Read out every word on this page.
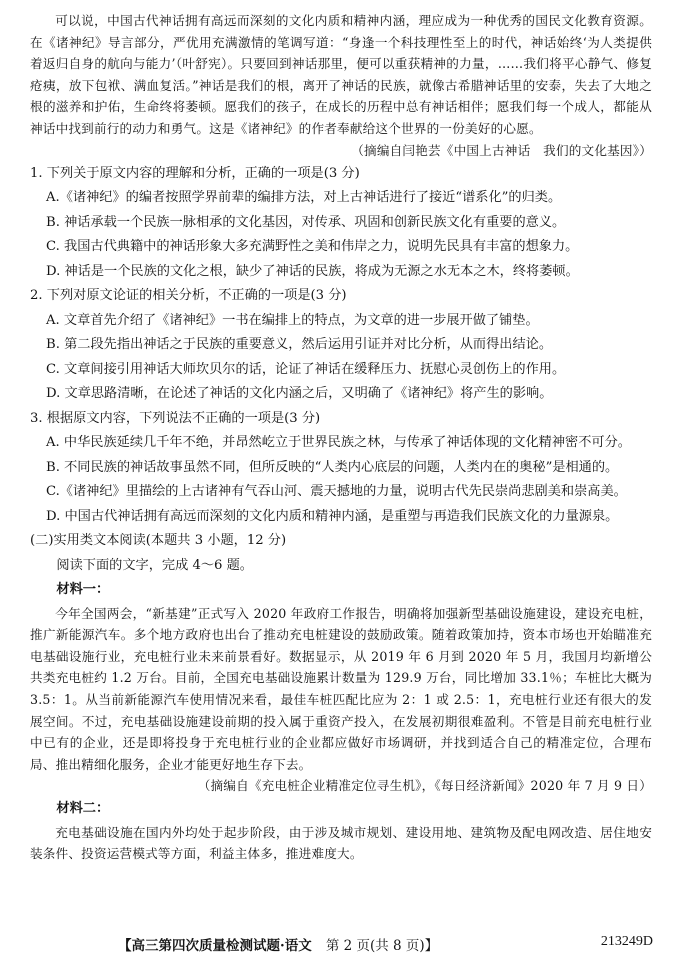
可以说，中国古代神话拥有高远而深刻的文化内质和精神内涵，理应成为一种优秀的国民文化教育资源。在《诸神纪》导言部分，严优用充满激情的笔调写道：“身逢一个科技理性至上的时代，神话始终‘为人类提供着返归自身的航向与能力’（叶舒宪）。只要回到神话那里，便可以重获精神的力量，……我们将平心静气、修复疮痍，放下包袱、满血复活。”神话是我们的根，离开了神话的民族，就像古希腊神话里的安泰，失去了大地之根的滋养和护佑，生命终将萎顿。愿我们的孩子，在成长的历程中总有神话相伴；愿我们每一个成人，都能从神话中找到前行的动力和勇气。这是《诸神纪》的作者奉献给这个世界的一份美好的心愿。

（摘编自闫艳芸《中国上古神话　我们的文化基因》）

1. 下列关于原文内容的理解和分析，正确的一项是(3 分)

A.《诸神纪》的编者按照学界前辈的编排方法，对上古神话进行了接近“谱系化”的归类。

B. 神话承载一个民族一脉相承的文化基因，对传承、巩固和创新民族文化有重要的意义。

C. 我国古代典籍中的神话形象大多充满野性之美和伟岸之力，说明先民具有丰富的想象力。

D. 神话是一个民族的文化之根，缺少了神话的民族，将成为无源之水无本之木，终将萎顿。

2. 下列对原文论证的相关分析，不正确的一项是(3 分)

A. 文章首先介绍了《诸神纪》一书在编排上的特点，为文章的进一步展开做了铺垫。

B. 第二段先指出神话之于民族的重要意义，然后运用引证并对比分析，从而得出结论。

C. 文章间接引用神话大师坎贝尔的话，论证了神话在缓释压力、抚慰心灵创伤上的作用。

D. 文章思路清晰，在论述了神话的文化内涵之后，又明确了《诸神纪》将产生的影响。

3. 根据原文内容，下列说法不正确的一项是(3 分)

A. 中华民族延续几千年不绝，并昂然屹立于世界民族之林，与传承了神话体现的文化精神密不可分。

B. 不同民族的神话故事虽然不同，但所反映的“人类内心底层的问题，人类内在的奥秘”是相通的。

C.《诸神纪》里描绘的上古诸神有气吞山河、震天撼地的力量，说明古代先民崇尚悲剧美和崇高美。

D. 中国古代神话拥有高远而深刻的文化内质和精神内涵，是重塑与再造我们民族文化的力量源泉。

(二)实用类文本阅读(本题共 3 小题，12 分)

阅读下面的文字，完成 4～6 题。

材料一：

今年全国两会，“新基建”正式写入 2020 年政府工作报告，明确将加强新型基础设施建设，建设充电桩，推广新能源汽车。多个地方政府也出台了推动充电桩建设的鼓励政策。随着政策加持，资本市场也开始瞄准充电基础设施行业，充电桩行业未来前景看好。数据显示，从 2019 年 6 月到 2020 年 5 月，我国月均新增公共类充电桩约 1.2 万台。目前，全国充电基础设施累计数量为 129.9 万台，同比增加 33.1％；车桩比大概为 3.5：1。从当前新能源汽车使用情况来看，最佳车桩匹配比应为 2：1 或 2.5：1，充电桩行业还有很大的发展空间。不过，充电基础设施建设前期的投入属于重资产投入，在发展初期很难盈利。不管是目前充电桩行业中已有的企业，还是即将投身于充电桩行业的企业都应做好市场调研，并找到适合自己的精准定位，合理布局、推出精细化服务，企业才能更好地生存下去。

（摘编自《充电桩企业精准定位寻生机》，《每日经济新闻》2020 年 7 月 9 日）

材料二：

充电基础设施在国内外均处于起步阶段，由于涉及城市规划、建设用地、建筑物及配电网改造、居住地安装条件、投资运营模式等方面，利益主体多，推进难度大。

【高三第四次质量检测试题·语文 第 2 页(共 8 页)】	213249D
